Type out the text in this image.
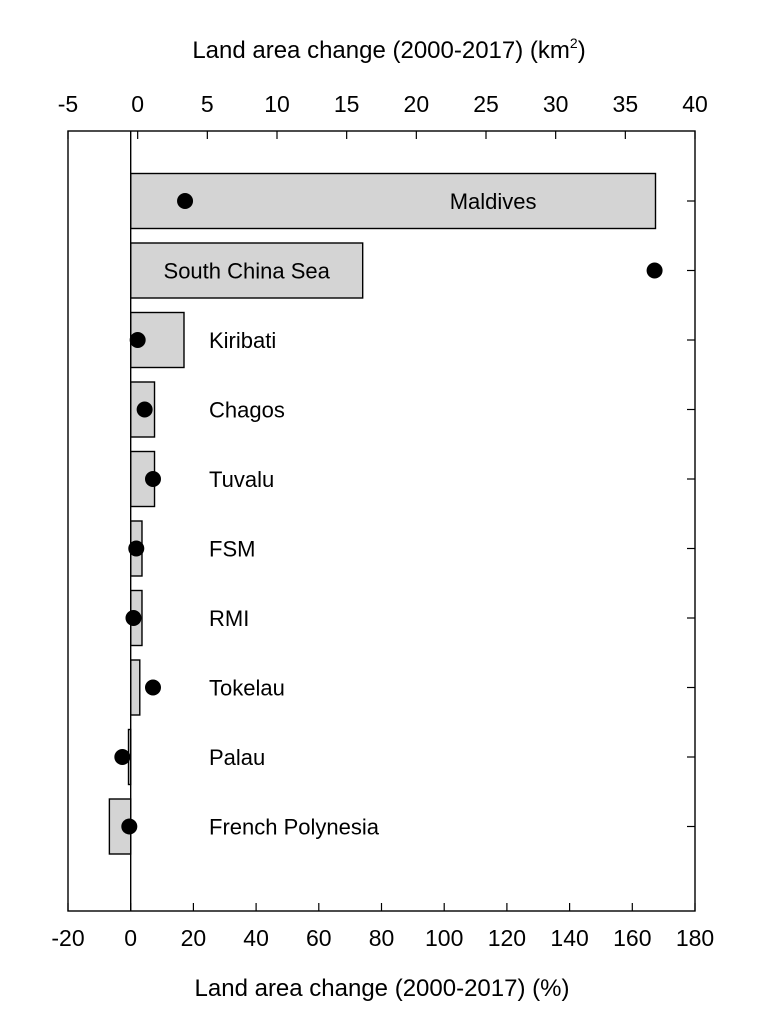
-20 0 20 40 60 80 100 120 140 160 180
-5 0 5 10 15 20 25 30 35 40
Maldives
South China Sea
Kiribati
Chagos
Tuvalu
FSM
RMI
Tokelau
Palau
French Polynesia
Land area change (2000-2017) $(km^2)$
Land area change (2000-2017) (%)
